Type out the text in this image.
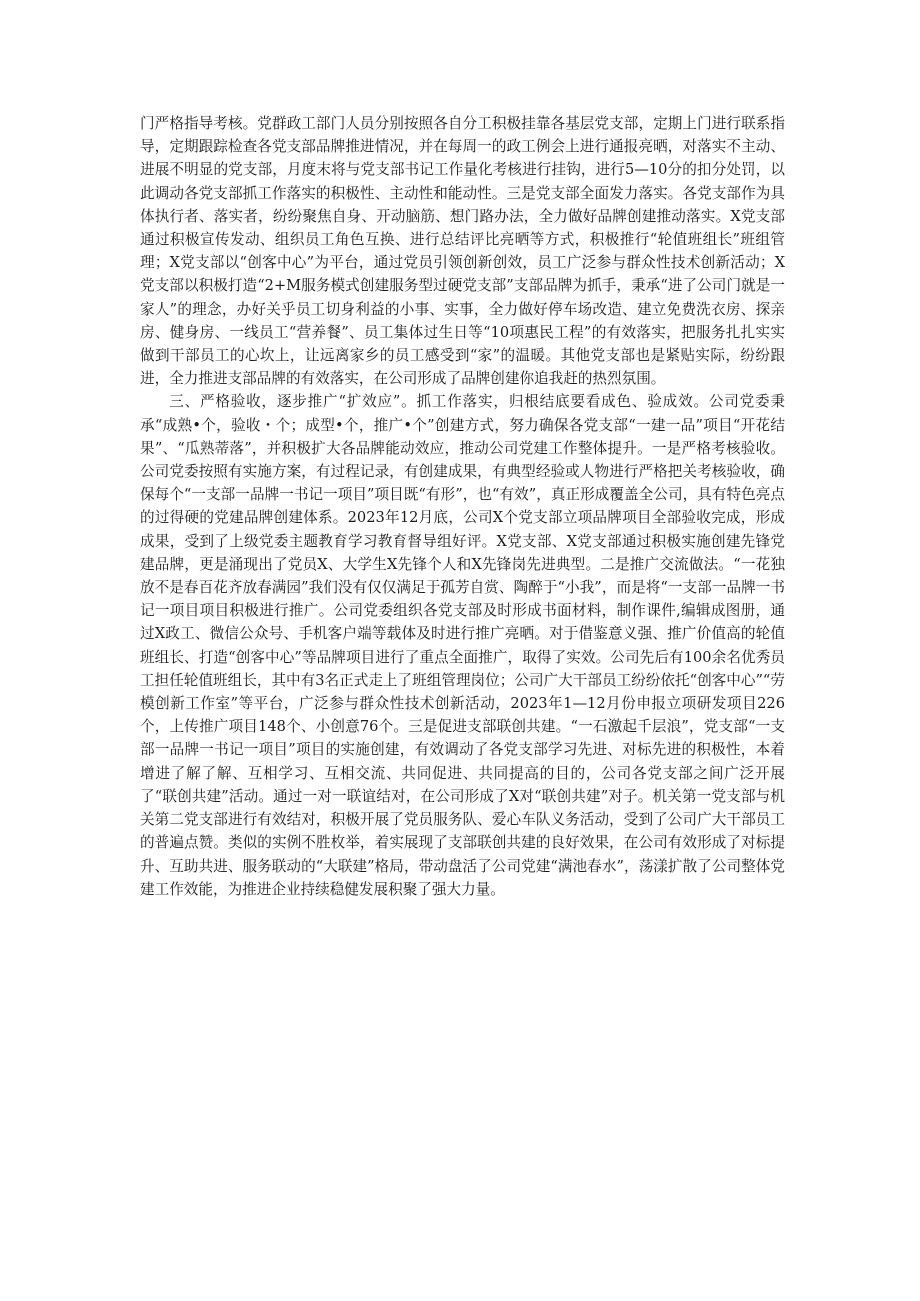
门严格指导考核。党群政工部门人员分别按照各自分工积极挂靠各基层党支部，定期上门进行联系指导，定期跟踪检查各党支部品牌推进情况，并在每周一的政工例会上进行通报亮晒，对落实不主动、进展不明显的党支部，月度末将与党支部书记工作量化考核进行挂钩，进行5—10分的扣分处罚，以此调动各党支部抓工作落实的积极性、主动性和能动性。三是党支部全面发力落实。各党支部作为具体执行者、落实者，纷纷聚焦自身、开动脑筋、想门路办法，全力做好品牌创建推动落实。X党支部通过积极宣传发动、组织员工角色互换、进行总结评比亮晒等方式，积极推行“轮值班组长”班组管理；X党支部以“创客中心”为平台，通过党员引领创新创效，员工广泛参与群众性技术创新活动；X党支部以积极打造“2+M服务模式创建服务型过硬党支部”支部品牌为抓手，秉承“进了公司门就是一家人”的理念，办好关乎员工切身利益的小事、实事，全力做好停车场改造、建立免费洗衣房、探亲房、健身房、一线员工“营养餐”、员工集体过生日等“10项惠民工程”的有效落实，把服务扎扎实实做到干部员工的心坎上，让远离家乡的员工感受到“家”的温暖。其他党支部也是紧贴实际，纷纷跟进，全力推进支部品牌的有效落实，在公司形成了品牌创建你追我赶的热烈氛围。

三、严格验收，逐步推广“扩效应”。抓工作落实，归根结底要看成色、验成效。公司党委秉承“成熟•个，验收・个；成型•个，推广•个”创建方式，努力确保各党支部“一建一品”项目“开花结果”、“瓜熟蒂落”，并积极扩大各品牌能动效应，推动公司党建工作整体提升。一是严格考核验收。公司党委按照有实施方案，有过程记录，有创建成果，有典型经验或人物进行严格把关考核验收，确保每个“一支部一品牌一书记一项目”项目既“有形”，也“有效”，真正形成覆盖全公司，具有特色亮点的过得硬的党建品牌创建体系。2023年12月底，公司X个党支部立项品牌项目全部验收完成，形成成果，受到了上级党委主题教育学习教育督导组好评。X党支部、X党支部通过积极实施创建先锋党建品牌，更是涌现出了党员X、大学生X先锋个人和X先锋岗先进典型。二是推广交流做法。“一花独放不是春百花齐放春满园”我们没有仅仅满足于孤芳自赏、陶醉于“小我”，而是将“一支部一品牌一书记一项目项目积极进行推广。公司党委组织各党支部及时形成书面材料，制作课件,编辑成图册，通过X政工、微信公众号、手机客户端等载体及时进行推广亮晒。对于借鉴意义强、推广价值高的轮值班组长、打造“创客中心”等品牌项目进行了重点全面推广，取得了实效。公司先后有100余名优秀员工担任轮值班组长，其中有3名正式走上了班组管理岗位；公司广大干部员工纷纷依托“创客中心”“劳模创新工作室”等平台，广泛参与群众性技术创新活动，2023年1—12月份申报立项研发项目226个，上传推广项目148个、小创意76个。三是促进支部联创共建。“一石激起千层浪”，党支部“一支部一品牌一书记一项目”项目的实施创建，有效调动了各党支部学习先进、对标先进的积极性，本着增进了解了解、互相学习、互相交流、共同促进、共同提高的目的，公司各党支部之间广泛开展了“联创共建”活动。通过一对一联谊结对，在公司形成了X对“联创共建”对子。机关第一党支部与机关第二党支部进行有效结对，积极开展了党员服务队、爱心车队义务活动，受到了公司广大干部员工的普遍点赞。类似的实例不胜枚举，着实展现了支部联创共建的良好效果，在公司有效形成了对标提升、互助共进、服务联动的“大联建”格局，带动盘活了公司党建“满池春水”，荡漾扩散了公司整体党建工作效能，为推进企业持续稳健发展积聚了强大力量。
